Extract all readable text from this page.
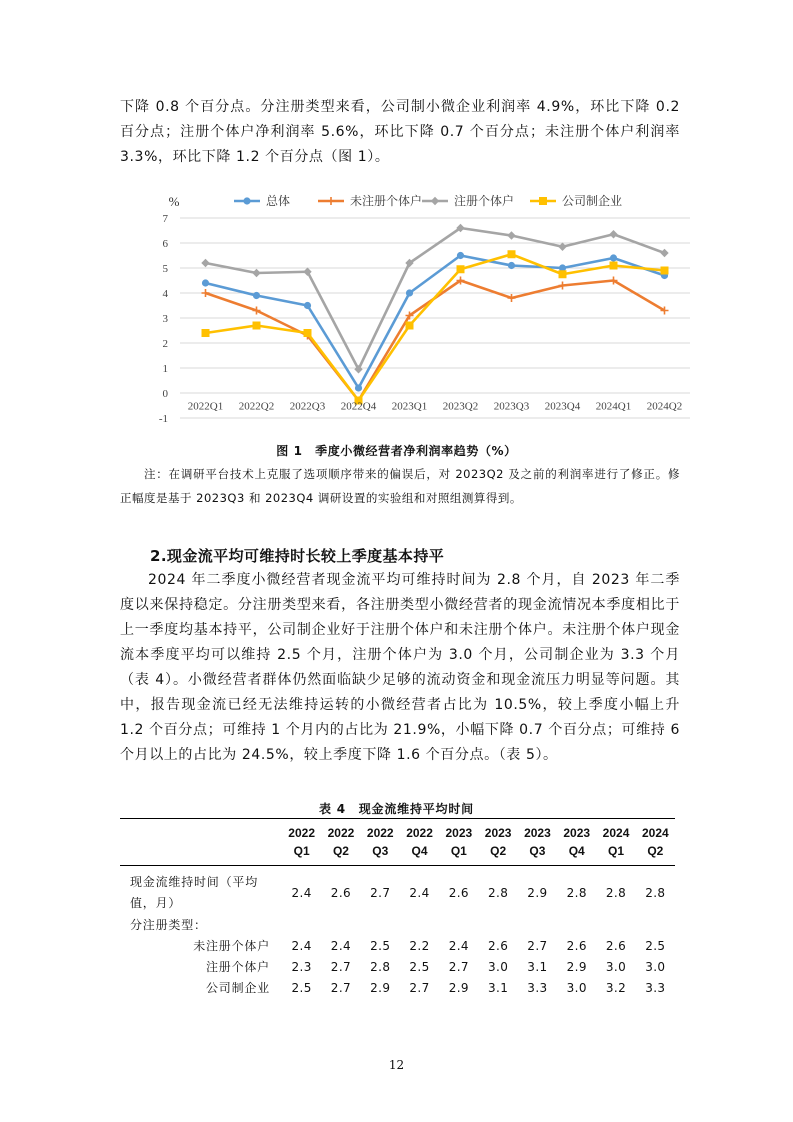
下降 0.8 个百分点。分注册类型来看，公司制小微企业利润率 4.9%，环比下降 0.2 百分点；注册个体户净利润率 5.6%，环比下降 0.7 个百分点；未注册个体户利润率 3.3%，环比下降 1.2 个百分点（图 1）。
-1
0
1
2
3
4
5
6
7
%
2022Q1 2022Q2 2022Q3 2022Q4 2023Q1 2023Q2 2023Q3 2023Q4 2024Q1 2024Q2
总体	未注册个体户	注册个体户	公司制企业
图 1　季度小微经营者净利润率趋势（%）
注：在调研平台技术上克服了选项顺序带来的偏误后，对 2023Q2 及之前的利润率进行了修正。修正幅度是基于 2023Q3 和 2023Q4 调研设置的实验组和对照组测算得到。
2.现金流平均可维持时长较上季度基本持平
2024 年二季度小微经营者现金流平均可维持时间为 2.8 个月，自 2023 年二季度以来保持稳定。分注册类型来看，各注册类型小微经营者的现金流情况本季度相比于上一季度均基本持平，公司制企业好于注册个体户和未注册个体户。未注册个体户现金流本季度平均可以维持 2.5 个月，注册个体户为 3.0 个月，公司制企业为 3.3 个月（表 4）。小微经营者群体仍然面临缺少足够的流动资金和现金流压力明显等问题。其中，报告现金流已经无法维持运转的小微经营者占比为 10.5%，较上季度小幅上升 1.2 个百分点；可维持 1 个月内的占比为 21.9%，小幅下降 0.7 个百分点；可维持 6 个月以上的占比为 24.5%，较上季度下降 1.6 个百分点。（表 5）。
表 4　现金流维持平均时间
	2022	2022	2022	2022	2023	2023	2023	2023	2024	2024
	Q1	Q2	Q3	Q4	Q1	Q2	Q3	Q4	Q1	Q2
现金流维持时间（平均值，月）	2.4	2.6	2.7	2.4	2.6	2.8	2.9	2.8	2.8	2.8
分注册类型：										
未注册个体户	2.4	2.4	2.5	2.2	2.4	2.6	2.7	2.6	2.6	2.5
注册个体户	2.3	2.7	2.8	2.5	2.7	3.0	3.1	2.9	3.0	3.0
公司制企业	2.5	2.7	2.9	2.7	2.9	3.1	3.3	3.0	3.2	3.3
12
